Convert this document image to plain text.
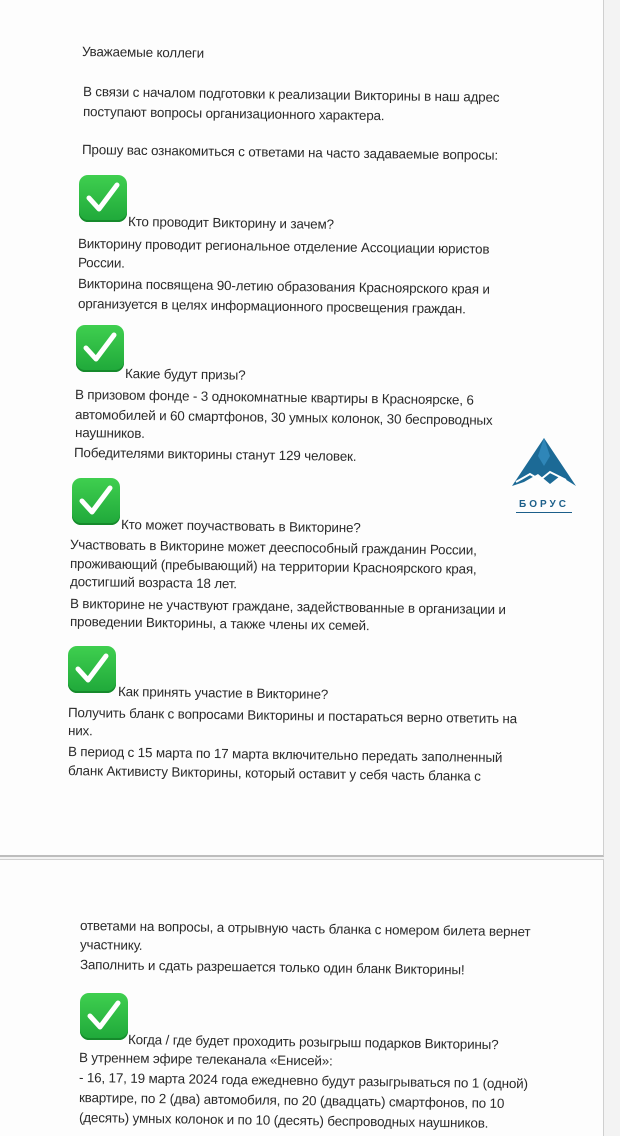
Уважаемые коллеги
В связи с началом подготовки к реализации Викторины в наш адрес
поступают вопросы организационного характера.
Прошу вас ознакомиться с ответами на часто задаваемые вопросы:
Кто проводит Викторину и зачем?
Викторину проводит региональное отделение Ассоциации юристов
России.
Викторина посвящена 90-летию образования Красноярского края и
организуется в целях информационного просвещения граждан.
Какие будут призы?
В призовом фонде - 3 однокомнатные квартиры в Красноярске, 6
автомобилей и 60 смартфонов, 30 умных колонок, 30 беспроводных
наушников.
Победителями викторины станут 129 человек.
БОРУС
Кто может поучаствовать в Викторине?
Участвовать в Викторине может дееспособный гражданин России,
проживающий (пребывающий) на территории Красноярского края,
достигший возраста 18 лет.
В викторине не участвуют граждане, задействованные в организации и
проведении Викторины, а также члены их семей.
Как принять участие в Викторине?
Получить бланк с вопросами Викторины и постараться верно ответить на
них.
В период с 15 марта по 17 марта включительно передать заполненный
бланк Активисту Викторины, который оставит у себя часть бланка с
ответами на вопросы, а отрывную часть бланка с номером билета вернет
участнику.
Заполнить и сдать разрешается только один бланк Викторины!
Когда / где будет проходить розыгрыш подарков Викторины?
В утреннем эфире телеканала «Енисей»:
- 16, 17, 19 марта 2024 года ежедневно будут разыгрываться по 1 (одной)
квартире, по 2 (два) автомобиля, по 20 (двадцать) смартфонов, по 10
(десять) умных колонок и по 10 (десять) беспроводных наушников.
